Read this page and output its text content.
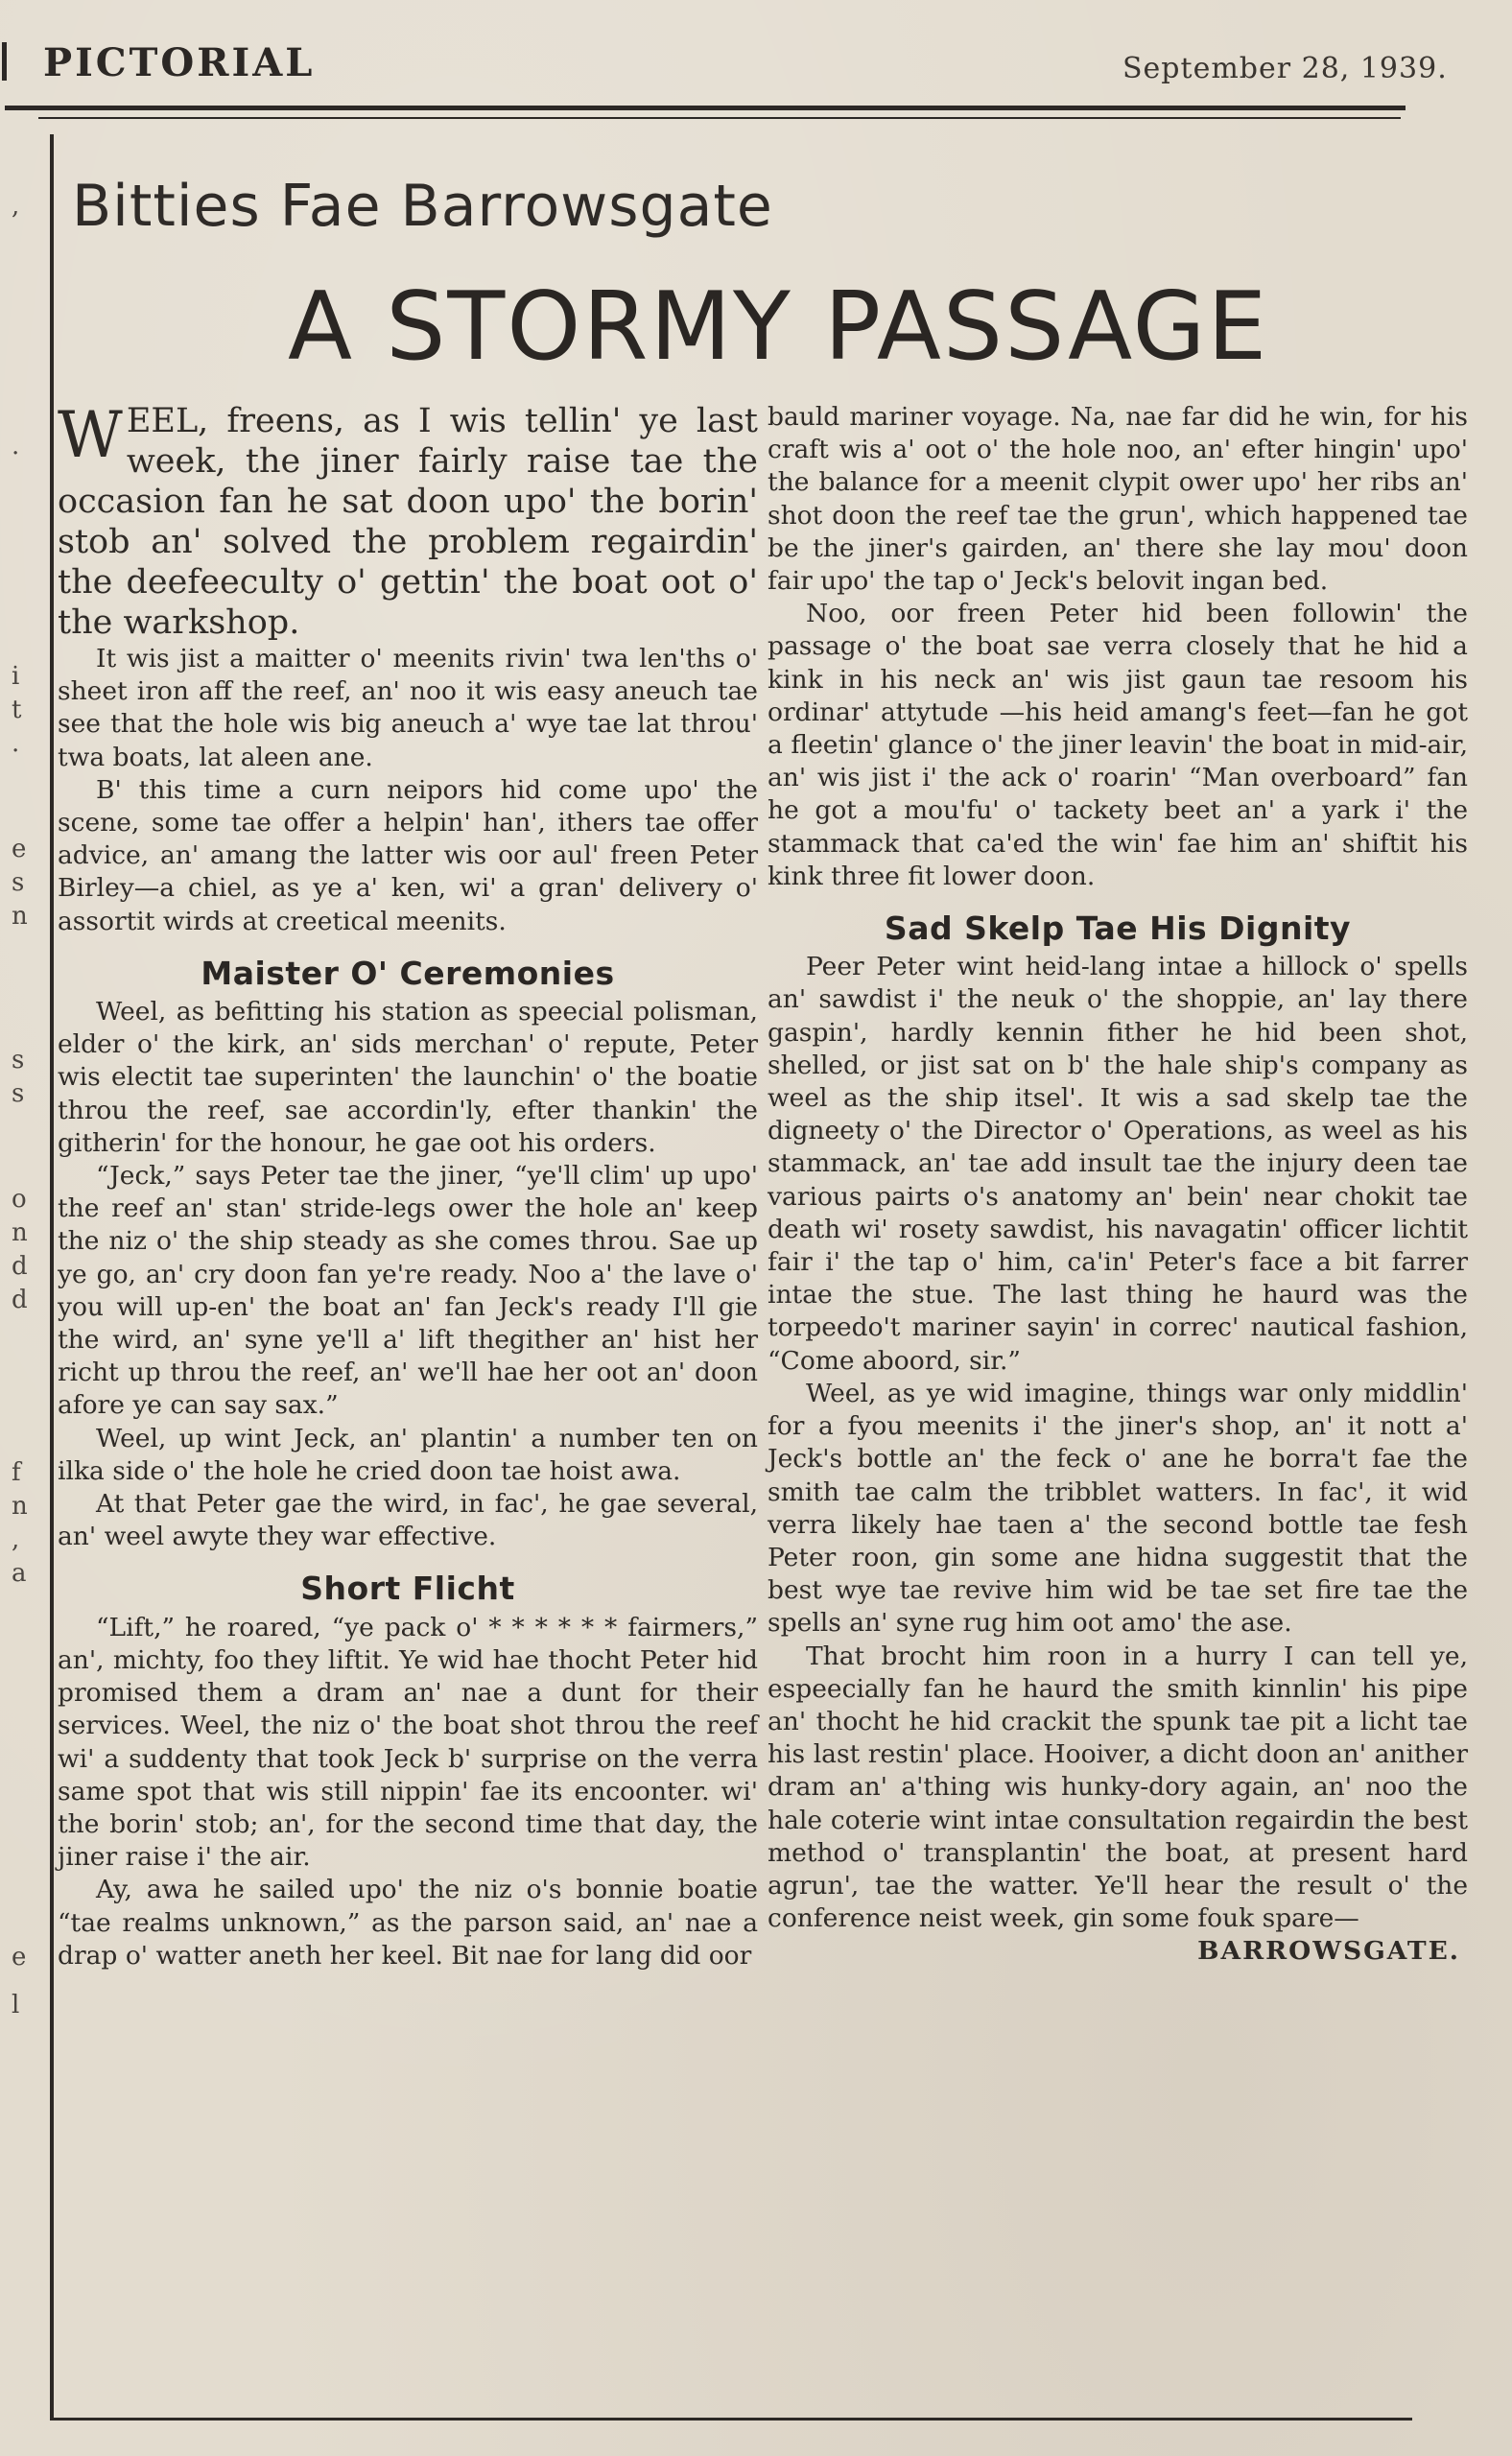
PICTORIAL	September 28, 1939.
,
.
i
t
.
e
s
n
s
s
o
n
d
d
f
n
,
a
e
l
Bitties Fae Barrowsgate
A STORMY PASSAGE

WEEL, freens, as I wis tellin' ye last week, the jiner fairly raise tae the occasion fan he sat doon upo' the borin' stob an' solved the problem regairdin' the deefeeculty o' gettin' the boat oot o' the warkshop.

It wis jist a maitter o' meenits rivin' twa len'ths o' sheet iron aff the reef, an' noo it wis easy aneuch tae see that the hole wis big aneuch a' wye tae lat throu' twa boats, lat aleen ane.

B' this time a curn neipors hid come upo' the scene, some tae offer a helpin' han', ithers tae offer advice, an' amang the latter wis oor aul' freen Peter Birley—a chiel, as ye a' ken, wi' a gran' delivery o' assortit wirds at creetical meenits.

Maister O' Ceremonies

Weel, as befitting his station as speecial polisman, elder o' the kirk, an' sids merchan' o' repute, Peter wis electit tae superinten' the launchin' o' the boatie throu the reef, sae accordin'ly, efter thankin' the githerin' for the honour, he gae oot his orders.

“Jeck,” says Peter tae the jiner, “ye'll clim' up upo' the reef an' stan' stride-legs ower the hole an' keep the niz o' the ship steady as she comes throu. Sae up ye go, an' cry doon fan ye're ready. Noo a' the lave o' you will up-en' the boat an' fan Jeck's ready I'll gie the wird, an' syne ye'll a' lift thegither an' hist her richt up throu the reef, an' we'll hae her oot an' doon afore ye can say sax.”

Weel, up wint Jeck, an' plantin' a number ten on ilka side o' the hole he cried doon tae hoist awa.

At that Peter gae the wird, in fac', he gae several, an' weel awyte they war effective.

Short Flicht

“Lift,” he roared, “ye pack o' * * * * * * fairmers,” an', michty, foo they liftit. Ye wid hae thocht Peter hid promised them a dram an' nae a dunt for their services. Weel, the niz o' the boat shot throu the reef wi' a suddenty that took Jeck b' surprise on the verra same spot that wis still nippin' fae its encoonter. wi' the borin' stob; an', for the second time that day, the jiner raise i' the air.

Ay, awa he sailed upo' the niz o's bonnie boatie “tae realms unknown,” as the parson said, an' nae a drap o' watter aneth her keel. Bit nae for lang did oor

bauld mariner voyage. Na, nae far did he win, for his craft wis a' oot o' the hole noo, an' efter hingin' upo' the balance for a meenit clypit ower upo' her ribs an' shot doon the reef tae the grun', which happened tae be the jiner's gairden, an' there she lay mou' doon fair upo' the tap o' Jeck's belovit ingan bed.

Noo, oor freen Peter hid been followin' the passage o' the boat sae verra closely that he hid a kink in his neck an' wis jist gaun tae resoom his ordinar' attytude —his heid amang's feet—fan he got a fleetin' glance o' the jiner leavin' the boat in mid-air, an' wis jist i' the ack o' roarin' “Man overboard” fan he got a mou'fu' o' tackety beet an' a yark i' the stammack that ca'ed the win' fae him an' shiftit his kink three fit lower doon.

Sad Skelp Tae His Dignity

Peer Peter wint heid-lang intae a hillock o' spells an' sawdist i' the neuk o' the shoppie, an' lay there gaspin', hardly kennin fither he hid been shot, shelled, or jist sat on b' the hale ship's company as weel as the ship itsel'. It wis a sad skelp tae the digneety o' the Director o' Operations, as weel as his stammack, an' tae add insult tae the injury deen tae various pairts o's anatomy an' bein' near chokit tae death wi' rosety sawdist, his navagatin' officer lichtit fair i' the tap o' him, ca'in' Peter's face a bit farrer intae the stue. The last thing he haurd was the torpeedo't mariner sayin' in correc' nautical fashion, “Come aboord, sir.”

Weel, as ye wid imagine, things war only middlin' for a fyou meenits i' the jiner's shop, an' it nott a' Jeck's bottle an' the feck o' ane he borra't fae the smith tae calm the tribblet watters. In fac', it wid verra likely hae taen a' the second bottle tae fesh Peter roon, gin some ane hidna suggestit that the best wye tae revive him wid be tae set fire tae the spells an' syne rug him oot amo' the ase.

That brocht him roon in a hurry I can tell ye, espeecially fan he haurd the smith kinnlin' his pipe an' thocht he hid crackit the spunk tae pit a licht tae his last restin' place. Hooiver, a dicht doon an' anither dram an' a'thing wis hunky-dory again, an' noo the hale coterie wint intae consultation regairdin the best method o' transplantin' the boat, at present hard agrun', tae the watter. Ye'll hear the result o' the conference neist week, gin some fouk spare—
BARROWSGATE.
